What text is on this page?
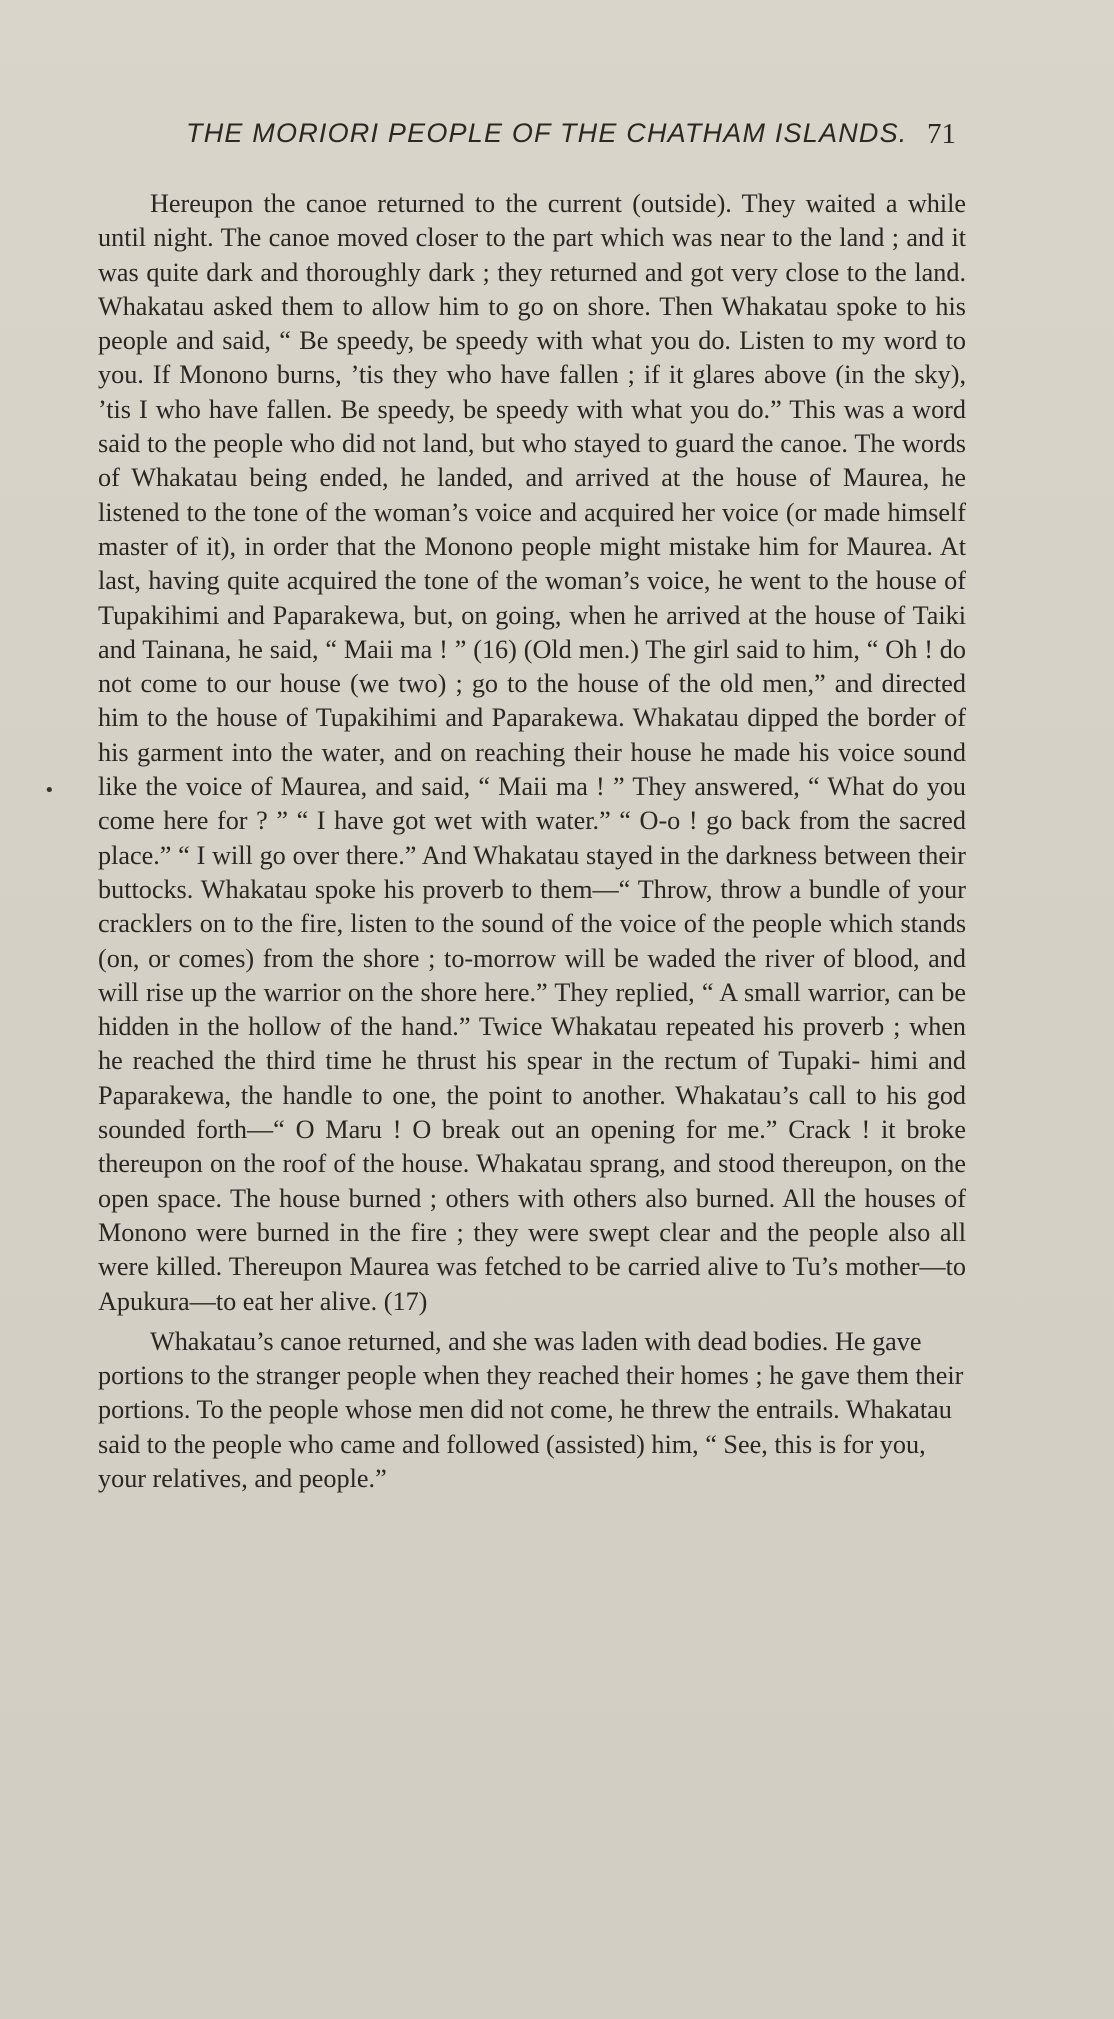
THE MORIORI PEOPLE OF THE CHATHAM ISLANDS. 71
•

Hereupon the canoe returned to the current (outside). They waited a while until night. The canoe moved closer to the part which was near to the land ; and it was quite dark and thoroughly dark ; they returned and got very close to the land. Whakatau asked them to allow him to go on shore. Then Whakatau spoke to his people and said, “ Be speedy, be speedy with what you do. Listen to my word to you. If Monono burns, ’tis they who have fallen ; if it glares above (in the sky), ’tis I who have fallen. Be speedy, be speedy with what you do.” This was a word said to the people who did not land, but who stayed to guard the canoe. The words of Whakatau being ended, he landed, and arrived at the house of Maurea, he listened to the tone of the woman’s voice and acquired her voice (or made himself master of it), in order that the Monono people might mistake him for Maurea. At last, having quite acquired the tone of the woman’s voice, he went to the house of Tupakihimi and Paparakewa, but, on going, when he arrived at the house of Taiki and Tainana, he said, “ Maii ma ! ” (16) (Old men.) The girl said to him, “ Oh ! do not come to our house (we two) ; go to the house of the old men,” and directed him to the house of Tupakihimi and Paparakewa. Whakatau dipped the border of his garment into the water, and on reaching their house he made his voice sound like the voice of Maurea, and said, “ Maii ma ! ” They answered, “ What do you come here for ? ” “ I have got wet with water.” “ O-o ! go back from the sacred place.” “ I will go over there.” And Whakatau stayed in the darkness between their buttocks. Whakatau spoke his proverb to them—“ Throw, throw a bundle of your cracklers on to the fire, listen to the sound of the voice of the people which stands (on, or comes) from the shore ; to-morrow will be waded the river of blood, and will rise up the warrior on the shore here.” They replied, “ A small warrior, can be hidden in the hollow of the hand.” Twice Whakatau repeated his proverb ; when he reached the third time he thrust his spear in the rectum of Tupaki- himi and Paparakewa, the handle to one, the point to another. Whakatau’s call to his god sounded forth—“ O Maru ! O break out an opening for me.” Crack ! it broke thereupon on the roof of the house. Whakatau sprang, and stood thereupon, on the open space. The house burned ; others with others also burned. All the houses of Monono were burned in the fire ; they were swept clear and the people also all were killed. Thereupon Maurea was fetched to be carried alive to Tu’s mother—to Apukura—to eat her alive. (17)

Whakatau’s canoe returned, and she was laden with dead bodies. He gave portions to the stranger people when they reached their homes ; he gave them their portions. To the people whose men did not come, he threw the entrails. Whakatau said to the people who came and followed (assisted) him, “ See, this is for you, your relatives, and people.”
